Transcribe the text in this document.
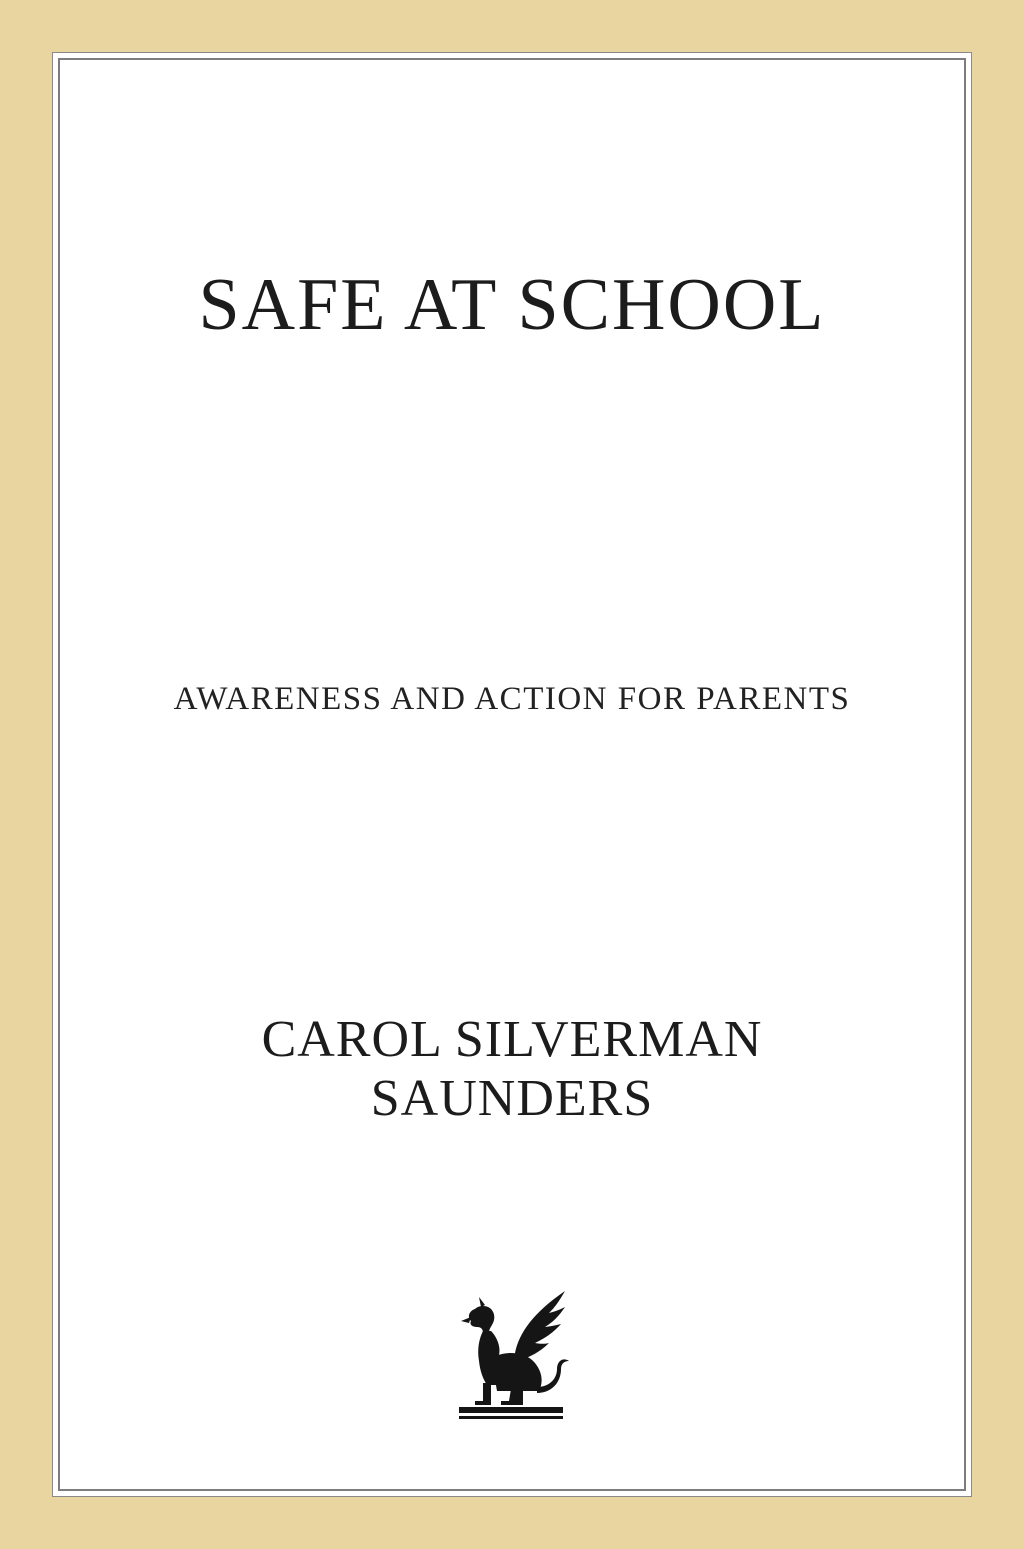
SAFE AT SCHOOL

AWARENESS AND ACTION FOR PARENTS

CAROL SILVERMAN
SAUNDERS
